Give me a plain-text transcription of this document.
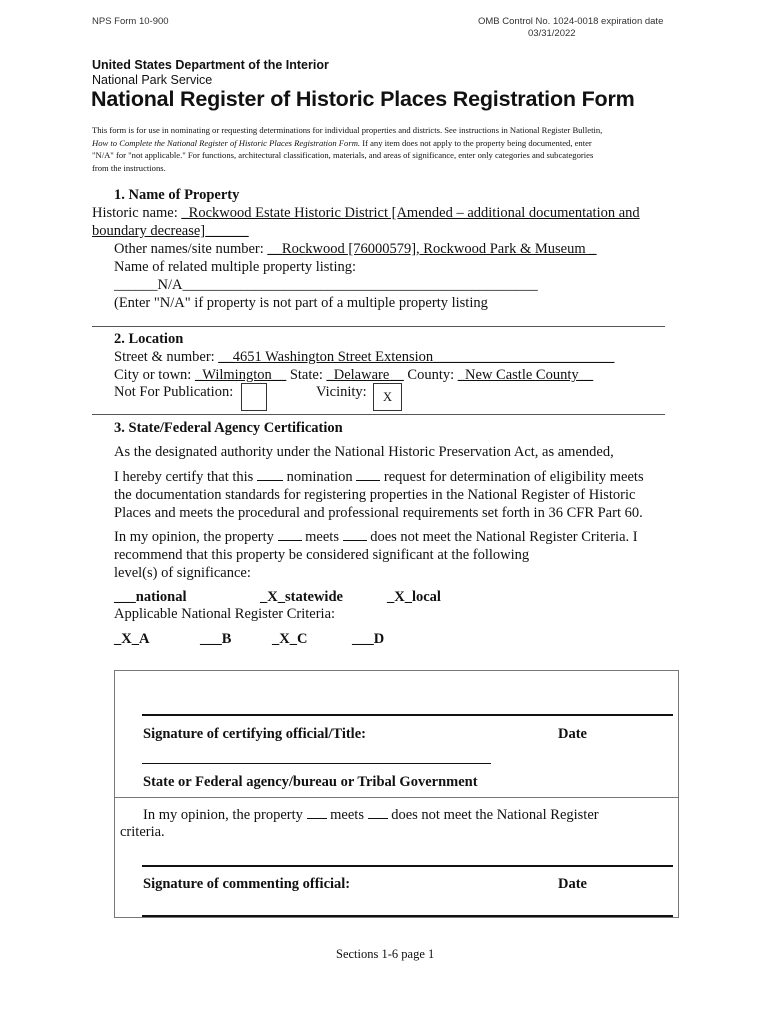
NPS Form 10-900	OMB Control No. 1024-0018 expiration date
03/31/2022
United States Department of the Interior
National Park Service
National Register of Historic Places Registration Form
This form is for use in nominating or requesting determinations for individual properties and districts. See instructions in National Register Bulletin,
How to Complete the National Register of Historic Places Registration Form. If any item does not apply to the property being documented, enter
"N/A" for "not applicable." For functions, architectural classification, materials, and areas of significance, enter only categories and subcategories
from the instructions.
1. Name of Property
Historic name: _Rockwood Estate Historic District [Amended – additional documentation and
boundary decrease]______
Other names/site number: __Rockwood [76000579], Rockwood Park & Museum _
Name of related multiple property listing:
______N/A_________________________________________________
(Enter "N/A" if property is not part of a multiple property listing
2. Location
Street & number: __4651 Washington Street Extension_________________________
City or town: _Wilmington__ State: _Delaware__ County: _New Castle County__
Not For Publication:	Vicinity:	X
3. State/Federal Agency Certification
As the designated authority under the National Historic Preservation Act, as amended,
I hereby certify that this nomination request for determination of eligibility meets
the documentation standards for registering properties in the National Register of Historic
Places and meets the procedural and professional requirements set forth in 36 CFR Part 60.
In my opinion, the property meets does not meet the National Register Criteria. I
recommend that this property be considered significant at the following
level(s) of significance:
___national	_X_statewide	_X_local
Applicable National Register Criteria:
_X_A	___B	_X_C	___D
Signature of certifying official/Title:	Date
State or Federal agency/bureau or Tribal Government
In my opinion, the property meets does not meet the National Register
criteria.
Signature of commenting official:	Date
Sections 1-6 page 1
